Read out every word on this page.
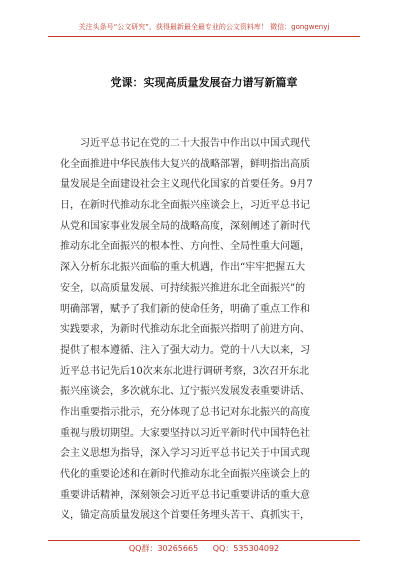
关注头条号“公文研究”，获得最新最全最专业的公文资料库！ 微信：gongwenyj
党课：实现高质量发展奋力谱写新篇章
　　习近平总书记在党的二十大报告中作出以中国式现代
化全面推进中华民族伟大复兴的战略部署，鲜明指出高质
量发展是全面建设社会主义现代化国家的首要任务。9月7
日，在新时代推动东北全面振兴座谈会上，习近平总书记
从党和国家事业发展全局的战略高度，深刻阐述了新时代
推动东北全面振兴的根本性、方向性、全局性重大问题，
深入分析东北振兴面临的重大机遇，作出“牢牢把握五大
安全，以高质量发展、可持续振兴推进东北全面振兴”的
明确部署，赋予了我们新的使命任务，明确了重点工作和
实践要求，为新时代推动东北全面振兴指明了前进方向、
提供了根本遵循、注入了强大动力。党的十八大以来，习
近平总书记先后10次来东北进行调研考察，3次召开东北
振兴座谈会，多次就东北、辽宁振兴发展发表重要讲话、
作出重要指示批示，充分体现了总书记对东北振兴的高度
重视与殷切期望。大家要坚持以习近平新时代中国特色社
会主义思想为指导，深入学习习近平总书记关于中国式现
代化的重要论述和在新时代推动东北全面振兴座谈会上的
重要讲话精神，深刻领会习近平总书记重要讲话的重大意
义，锚定高质量发展这个首要任务埋头苦干、真抓实干，
QQ群：30265665 QQ：535304092
